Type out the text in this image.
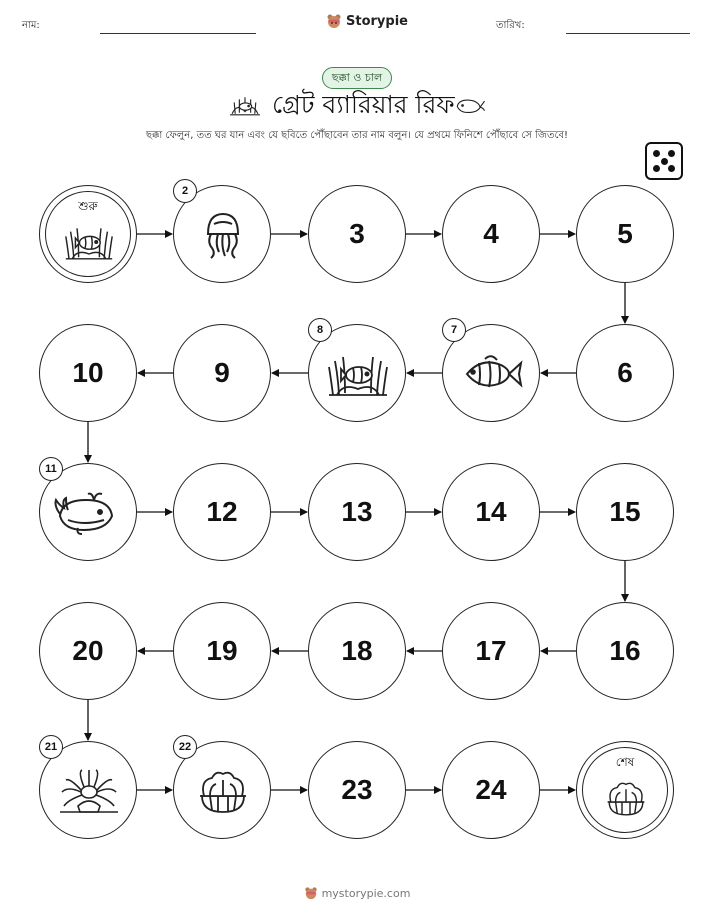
নাম:	Storypie	তারিখ:
ছক্কা ও চাল
গ্রেট ব্যারিয়ার রিফ
ছক্কা ফেলুন, তত ঘর যান এবং যে ছবিতে পৌঁছাবেন তার নাম বলুন। যে প্রথমে ফিনিশে পৌঁছাবে সে জিতবে!
শুরু
2
3	4	5
6
7
8
9
10
11
12	13	14	15
16
17
18
19
20
21	22
23	24
শেষ
mystorypie.com
